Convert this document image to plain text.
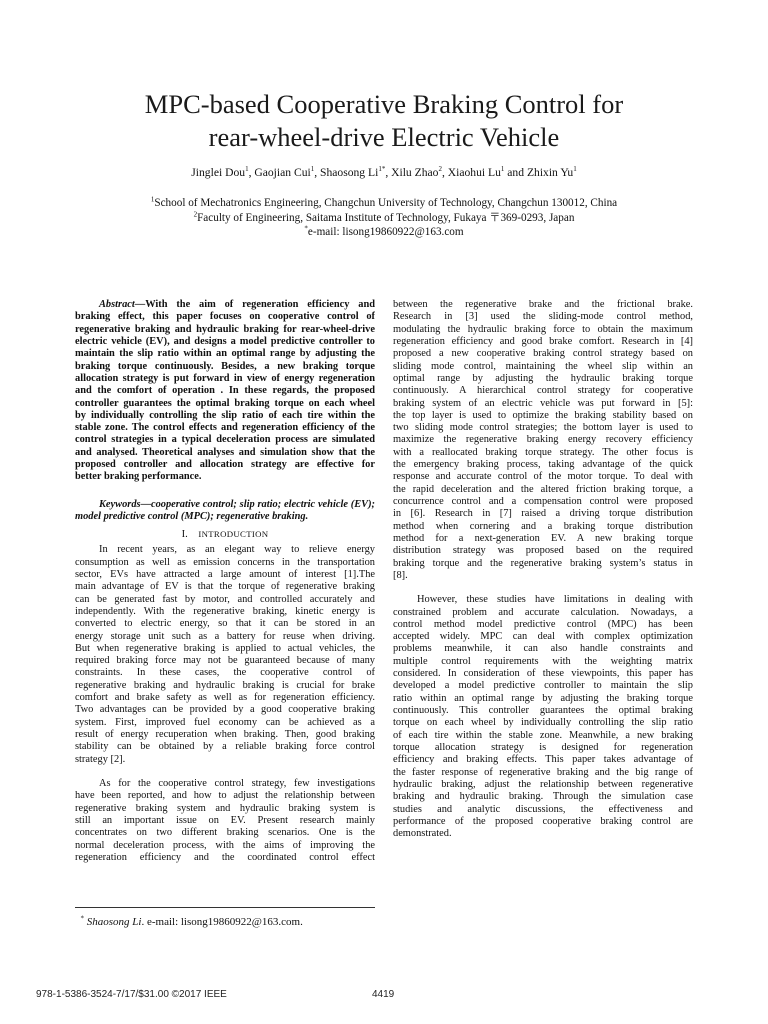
MPC-based Cooperative Braking Control for
rear-wheel-drive Electric Vehicle
Jinglei Dou$^1$, Gaojian Cui$^1$, Shaosong $Li^{1*}$, Xilu Zhao$^2$, Xiaohui Lu$^1$ and Zhixin Yu$^1$
$^1$School of Mechatronics Engineering, Changchun University of Technology, Changchun 130012, China
$^2$Faculty of Engineering, Saitama Institute of Technology, Fukaya 〒369-0293, Japan
*e-mail: lisong19860922@163.com
Abstract—With the aim of regeneration efficiency and
braking effect, this paper focuses on cooperative control of
regenerative braking and hydraulic braking for rear-wheel-drive
electric vehicle (EV), and designs a model predictive controller to
maintain the slip ratio within an optimal range by adjusting the
braking torque continuously. Besides, a new braking torque
allocation strategy is put forward in view of energy regeneration
and the comfort of operation . In these regards, the proposed
controller guarantees the optimal braking torque on each wheel
by individually controlling the slip ratio of each tire within the
stable zone. The control effects and regeneration efficiency of the
control strategies in a typical deceleration process are simulated
and analysed. Theoretical analyses and simulation show that the
proposed controller and allocation strategy are effective for
better braking performance.
Keywords—cooperative control; slip ratio; electric vehicle (EV);
model predictive control (MPC); regenerative braking.
I. INTRODUCTION
In recent years, as an elegant way to relieve energy
consumption as well as emission concerns in the transportation
sector, EVs have attracted a large amount of interest [1].The
main advantage of EV is that the torque of regenerative braking
can be generated fast by motor, and controlled accurately and
independently. With the regenerative braking, kinetic energy is
converted to electric energy, so that it can be stored in an
energy storage unit such as a battery for reuse when driving.
But when regenerative braking is applied to actual vehicles, the
required braking force may not be guaranteed because of many
constraints. In these cases, the cooperative control of
regenerative braking and hydraulic braking is crucial for brake
comfort and brake safety as well as for regeneration efficiency.
Two advantages can be provided by a good cooperative braking
system. First, improved fuel economy can be achieved as a
result of energy recuperation when braking. Then, good braking
stability can be obtained by a reliable braking force control
strategy [2].
As for the cooperative control strategy, few investigations
have been reported, and how to adjust the relationship between
regenerative braking system and hydraulic braking system is
still an important issue on EV. Present research mainly
concentrates on two different braking scenarios. One is the
normal deceleration process, with the aims of improving the
regeneration efficiency and the coordinated control effect
between the regenerative brake and the frictional brake.
Research in [3] used the sliding-mode control method,
modulating the hydraulic braking force to obtain the maximum
regeneration efficiency and good brake comfort. Research in [4]
proposed a new cooperative braking control strategy based on
sliding mode control, maintaining the wheel slip within an
optimal range by adjusting the hydraulic braking torque
continuously. A hierarchical control strategy for cooperative
braking system of an electric vehicle was put forward in [5]:
the top layer is used to optimize the braking stability based on
two sliding mode control strategies; the bottom layer is used to
maximize the regenerative braking energy recovery efficiency
with a reallocated braking torque strategy. The other focus is
the emergency braking process, taking advantage of the quick
response and accurate control of the motor torque. To deal with
the rapid deceleration and the altered friction braking torque, a
concurrence control and a compensation control were proposed
in [6]. Research in [7] raised a driving torque distribution
method when cornering and a braking torque distribution
method for a next-generation EV. A new braking torque
distribution strategy was proposed based on the required
braking torque and the regenerative braking system’s status in
[8].
However, these studies have limitations in dealing with
constrained problem and accurate calculation. Nowadays, a
control method model predictive control (MPC) has been
accepted widely. MPC can deal with complex optimization
problems meanwhile, it can also handle constraints and
multiple control requirements with the weighting matrix
considered. In consideration of these viewpoints, this paper has
developed a model predictive controller to maintain the slip
ratio within an optimal range by adjusting the braking torque
continuously. This controller guarantees the optimal braking
torque on each wheel by individually controlling the slip ratio
of each tire within the stable zone. Meanwhile, a new braking
torque allocation strategy is designed for regeneration
efficiency and braking effects. This paper takes advantage of
the faster response of regenerative braking and the big range of
hydraulic braking, adjust the relationship between regenerative
braking and hydraulic braking. Through the simulation case
studies and analytic discussions, the effectiveness and
performance of the proposed cooperative braking control are
demonstrated.
* Shaosong Li. e-mail: lisong19860922@163.com.
978-1-5386-3524-7/17/$31.00 ©2017 IEEE	4419
